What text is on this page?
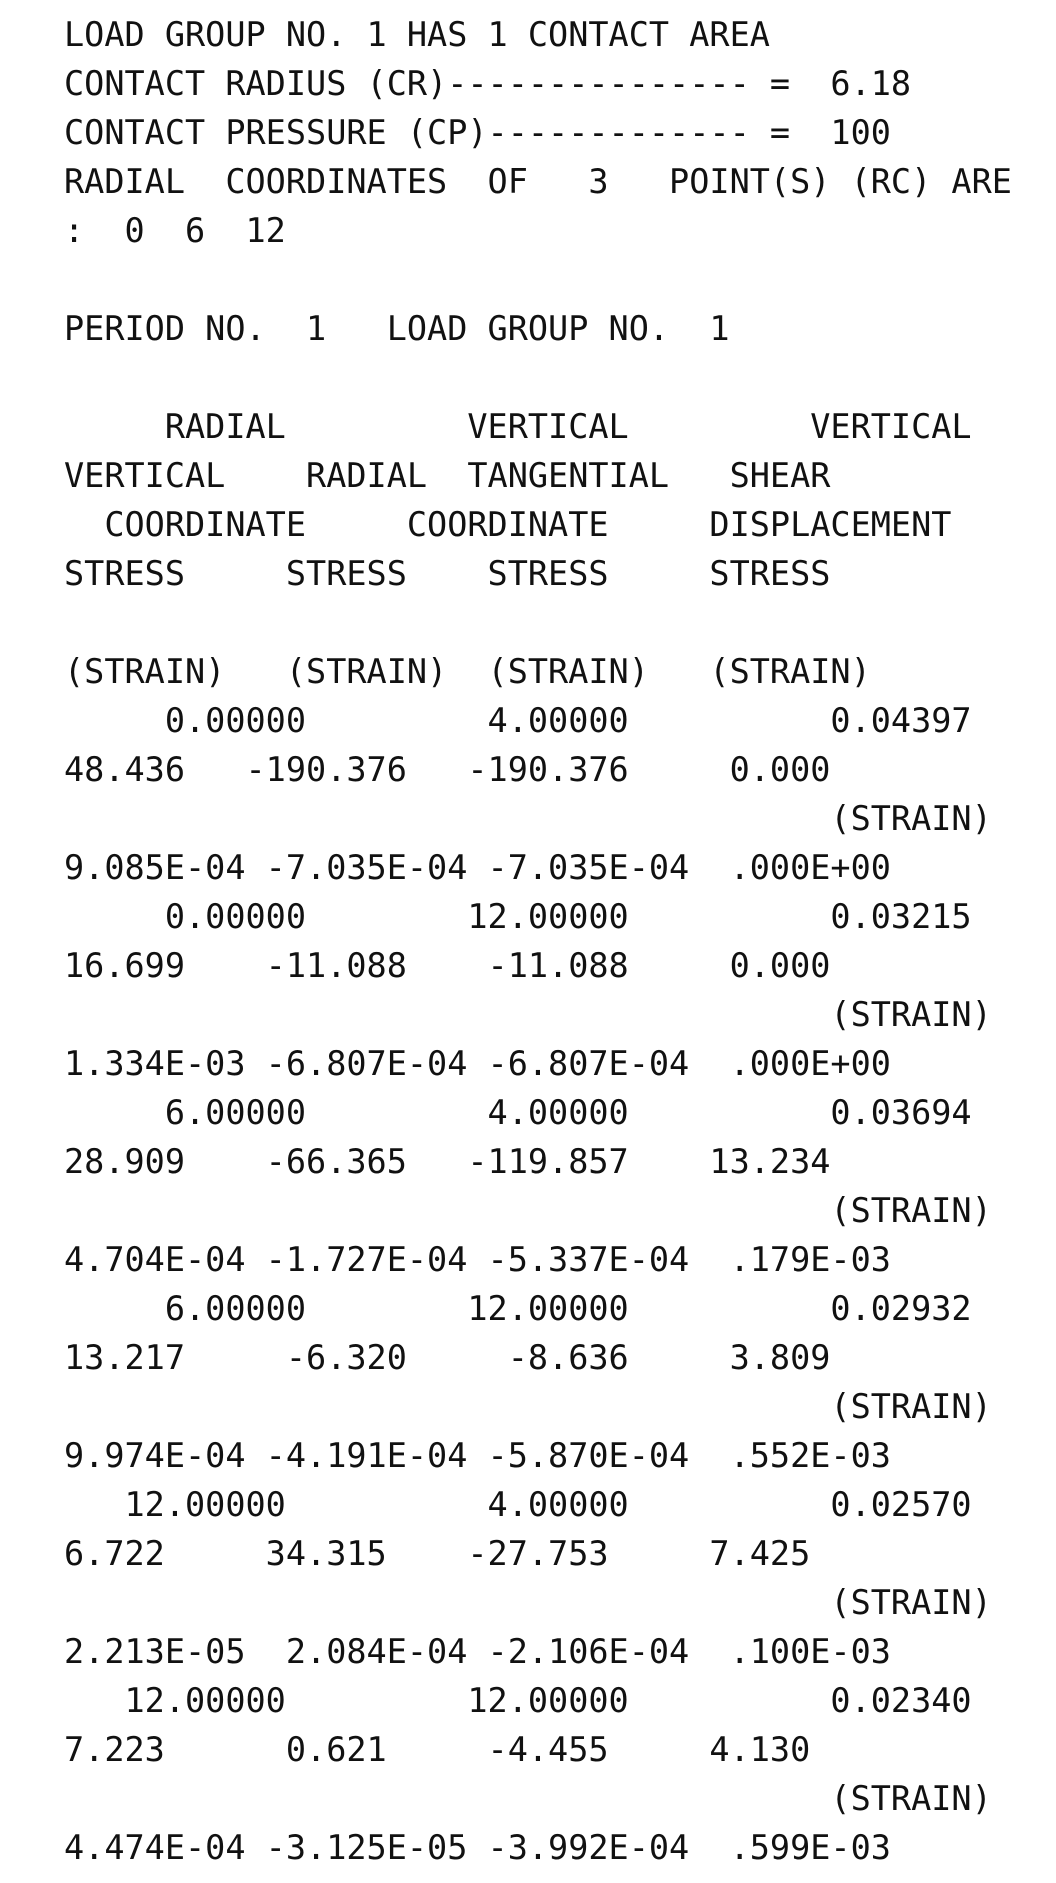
LOAD GROUP NO. 1 HAS 1 CONTACT AREA
CONTACT RADIUS (CR)--------------- =  6.18
CONTACT PRESSURE (CP)------------- =  100
RADIAL  COORDINATES  OF   3   POINT(S) (RC) ARE
:  0  6  12
PERIOD NO.  1   LOAD GROUP NO.  1
RADIAL         VERTICAL         VERTICAL
VERTICAL    RADIAL  TANGENTIAL   SHEAR
COORDINATE     COORDINATE     DISPLACEMENT
STRESS     STRESS    STRESS     STRESS
(STRAIN)   (STRAIN)  (STRAIN)   (STRAIN)
0.00000         4.00000          0.04397
48.436   -190.376   -190.376     0.000
(STRAIN)
9.085E-04 -7.035E-04 -7.035E-04  .000E+00
0.00000        12.00000          0.03215
16.699    -11.088    -11.088     0.000
(STRAIN)
1.334E-03 -6.807E-04 -6.807E-04  .000E+00
6.00000         4.00000          0.03694
28.909    -66.365   -119.857    13.234
(STRAIN)
4.704E-04 -1.727E-04 -5.337E-04  .179E-03
6.00000        12.00000          0.02932
13.217     -6.320     -8.636     3.809
(STRAIN)
9.974E-04 -4.191E-04 -5.870E-04  .552E-03
12.00000          4.00000          0.02570
6.722     34.315    -27.753     7.425
(STRAIN)
2.213E-05  2.084E-04 -2.106E-04  .100E-03
12.00000         12.00000          0.02340
7.223      0.621     -4.455     4.130
(STRAIN)
4.474E-04 -3.125E-05 -3.992E-04  .599E-03
